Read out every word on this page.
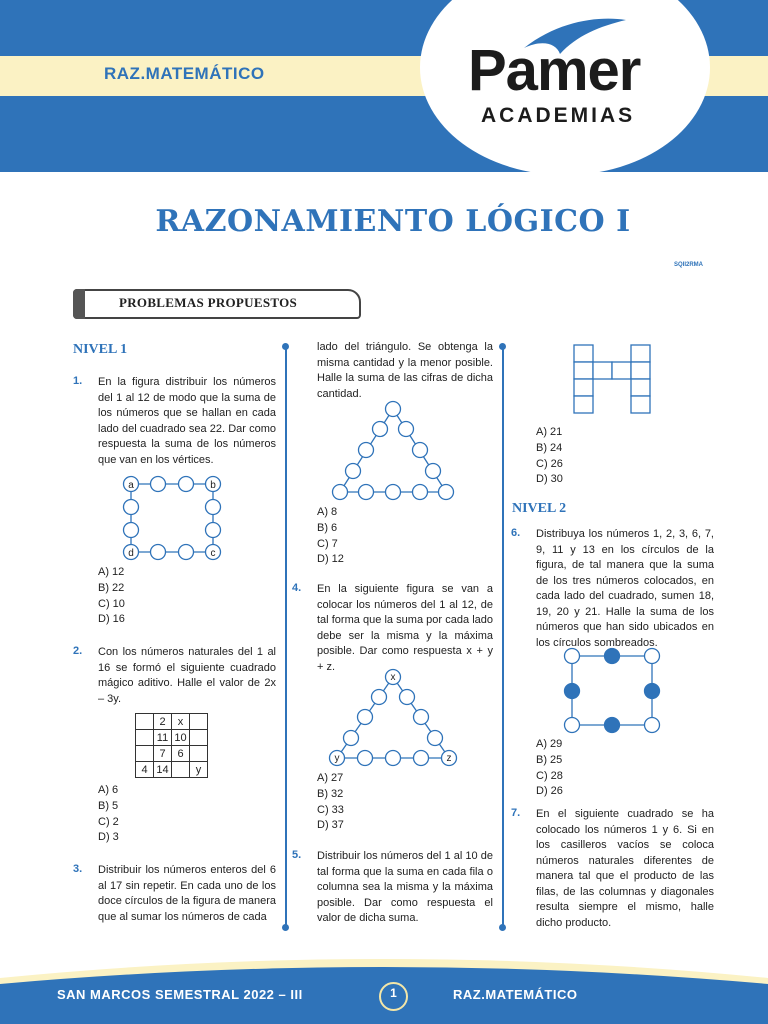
RAZ.MATEMÁTICO	Pamer
ACADEMIAS
RAZONAMIENTO LÓGICO I
SQII2RMA
PROBLEMAS PROPUESTOS
NIVEL 1
1. En la figura distribuir los números del 1 al 12 de modo que la suma de los números que se hallan en cada lado del cuadrado sea 22. Dar como respuesta la suma de los números que van en los vértices.
a	b
c
d
A) 12
B) 22
C) 10
D) 16
2. Con los números naturales del 1 al 16 se formó el siguiente cuadrado mágico aditivo. Halle el valor de 2x – 3y.
	2	x	
	11	10	
	7	6	
4	14		y
A) 6
B) 5
C) 2
D) 3
3. Distribuir los números enteros del 6 al 17 sin repetir. En cada uno de los doce círculos de la figura de manera que al sumar los números de cada
lado del triángulo. Se obtenga la misma cantidad y la menor posible. Halle la suma de las cifras de dicha cantidad.
A) 8
B) 6
C) 7
D) 12
4. En la siguiente figura se van a colocar los números del 1 al 12, de tal forma que la suma por cada lado debe ser la misma y la máxima posible. Dar como respuesta x + y + z.
x
y	z
A) 27
B) 32
C) 33
D) 37
5. Distribuir los números del 1 al 10 de tal forma que la suma en cada fila o columna sea la misma y la máxima posible. Dar como respuesta el valor de dicha suma.
A) 21
B) 24
C) 26
D) 30
NIVEL 2
6. Distribuya los números 1, 2, 3, 6, 7, 9, 11 y 13 en los círculos de la figura, de tal manera que la suma de los tres números colocados, en cada lado del cuadrado, sumen 18, 19, 20 y 21. Halle la suma de los números que han sido ubicados en los círculos sombreados.
A) 29
B) 25
C) 28
D) 26
7. En el siguiente cuadrado se ha colocado los números 1 y 6. Si en los casilleros vacíos se coloca números naturales diferentes de manera tal que el producto de las filas, de las columnas y diagonales resulta siempre el mismo, halle dicho producto.
SAN MARCOS SEMESTRAL 2022 – III	1	RAZ.MATEMÁTICO
